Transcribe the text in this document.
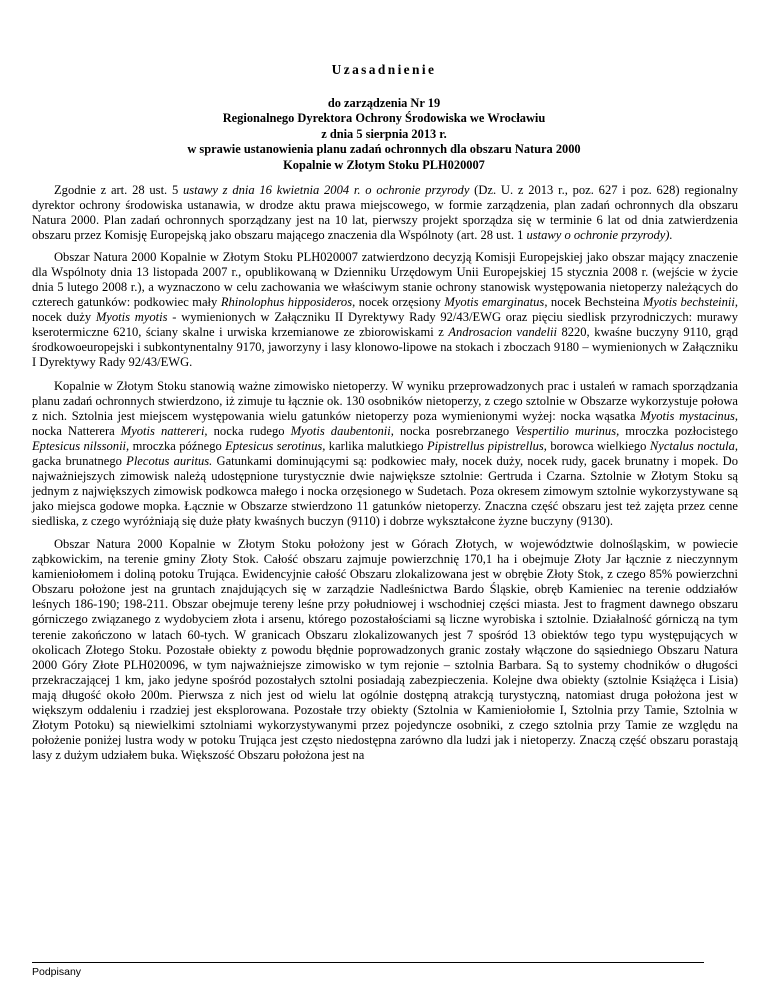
Uzasadnienie
do zarządzenia Nr 19
Regionalnego Dyrektora Ochrony Środowiska we Wrocławiu
z dnia 5 sierpnia 2013 r.
w sprawie ustanowienia planu zadań ochronnych dla obszaru Natura 2000
Kopalnie w Złotym Stoku PLH020007

Zgodnie z art. 28 ust. 5 ustawy z dnia 16 kwietnia 2004 r. o ochronie przyrody (Dz. U. z 2013 r., poz. 627 i poz. 628) regionalny dyrektor ochrony środowiska ustanawia, w drodze aktu prawa miejscowego, w formie zarządzenia, plan zadań ochronnych dla obszaru Natura 2000. Plan zadań ochronnych sporządzany jest na 10 lat, pierwszy projekt sporządza się w terminie 6 lat od dnia zatwierdzenia obszaru przez Komisję Europejską jako obszaru mającego znaczenia dla Wspólnoty (art. 28 ust. 1 ustawy o ochronie przyrody).

Obszar Natura 2000 Kopalnie w Złotym Stoku PLH020007 zatwierdzono decyzją Komisji Europejskiej jako obszar mający znaczenie dla Wspólnoty dnia 13 listopada 2007 r., opublikowaną w Dzienniku Urzędowym Unii Europejskiej 15 stycznia 2008 r. (wejście w życie dnia 5 lutego 2008 r.), a wyznaczono w celu zachowania we właściwym stanie ochrony stanowisk występowania nietoperzy należących do czterech gatunków: podkowiec mały Rhinolophus hipposideros, nocek orzęsiony Myotis emarginatus, nocek Bechsteina Myotis bechsteinii, nocek duży Myotis myotis - wymienionych w Załączniku II Dyrektywy Rady 92/43/EWG oraz pięciu siedlisk przyrodniczych: murawy kserotermiczne 6210, ściany skalne i urwiska krzemianowe ze zbiorowiskami z Androsacion vandelii 8220, kwaśne buczyny 9110, grąd środkowoeuropejski i subkontynentalny 9170, jaworzyny i lasy klonowo-lipowe na stokach i zboczach 9180 – wymienionych w Załączniku I Dyrektywy Rady 92/43/EWG.

Kopalnie w Złotym Stoku stanowią ważne zimowisko nietoperzy. W wyniku przeprowadzonych prac i ustaleń w ramach sporządzania planu zadań ochronnych stwierdzono, iż zimuje tu łącznie ok. 130 osobników nietoperzy, z czego sztolnie w Obszarze wykorzystuje połowa z nich. Sztolnia jest miejscem występowania wielu gatunków nietoperzy poza wymienionymi wyżej: nocka wąsatka Myotis mystacinus, nocka Natterera Myotis nattereri, nocka rudego Myotis daubentonii, nocka posrebrzanego Vespertilio murinus, mroczka pozłocistego Eptesicus nilssonii, mroczka późnego Eptesicus serotinus, karlika malutkiego Pipistrellus pipistrellus, borowca wielkiego Nyctalus noctula, gacka brunatnego Plecotus auritus. Gatunkami dominującymi są: podkowiec mały, nocek duży, nocek rudy, gacek brunatny i mopek. Do najważniejszych zimowisk należą udostępnione turystycznie dwie największe sztolnie: Gertruda i Czarna. Sztolnie w Złotym Stoku są jednym z największych zimowisk podkowca małego i nocka orzęsionego w Sudetach. Poza okresem zimowym sztolnie wykorzystywane są jako miejsca godowe mopka. Łącznie w Obszarze stwierdzono 11 gatunków nietoperzy. Znaczna część obszaru jest też zajęta przez cenne siedliska, z czego wyróżniają się duże płaty kwaśnych buczyn (9110) i dobrze wykształcone żyzne buczyny (9130).

Obszar Natura 2000 Kopalnie w Złotym Stoku położony jest w Górach Złotych, w województwie dolnośląskim, w powiecie ząbkowickim, na terenie gminy Złoty Stok. Całość obszaru zajmuje powierzchnię 170,1 ha i obejmuje Złoty Jar łącznie z nieczynnym kamieniołomem i doliną potoku Trująca. Ewidencyjnie całość Obszaru zlokalizowana jest w obrębie Złoty Stok, z czego 85% powierzchni Obszaru położone jest na gruntach znajdujących się w zarządzie Nadleśnictwa Bardo Śląskie, obręb Kamieniec na terenie oddziałów leśnych 186-190; 198-211. Obszar obejmuje tereny leśne przy południowej i wschodniej części miasta. Jest to fragment dawnego obszaru górniczego związanego z wydobyciem złota i arsenu, którego pozostałościami są liczne wyrobiska i sztolnie. Działalność górniczą na tym terenie zakończono w latach 60-tych. W granicach Obszaru zlokalizowanych jest 7 spośród 13 obiektów tego typu występujących w okolicach Złotego Stoku. Pozostałe obiekty z powodu błędnie poprowadzonych granic zostały włączone do sąsiedniego Obszaru Natura 2000 Góry Złote PLH020096, w tym najważniejsze zimowisko w tym rejonie – sztolnia Barbara. Są to systemy chodników o długości przekraczającej 1 km, jako jedyne spośród pozostałych sztolni posiadają zabezpieczenia. Kolejne dwa obiekty (sztolnie Książęca i Lisia) mają długość około 200m. Pierwsza z nich jest od wielu lat ogólnie dostępną atrakcją turystyczną, natomiast druga położona jest w większym oddaleniu i rzadziej jest eksplorowana. Pozostałe trzy obiekty (Sztolnia w Kamieniołomie I, Sztolnia przy Tamie, Sztolnia w Złotym Potoku) są niewielkimi sztolniami wykorzystywanymi przez pojedyncze osobniki, z czego sztolnia przy Tamie ze względu na położenie poniżej lustra wody w potoku Trująca jest często niedostępna zarówno dla ludzi jak i nietoperzy. Znaczą część obszaru porastają lasy z dużym udziałem buka. Większość Obszaru położona jest na

Podpisany
